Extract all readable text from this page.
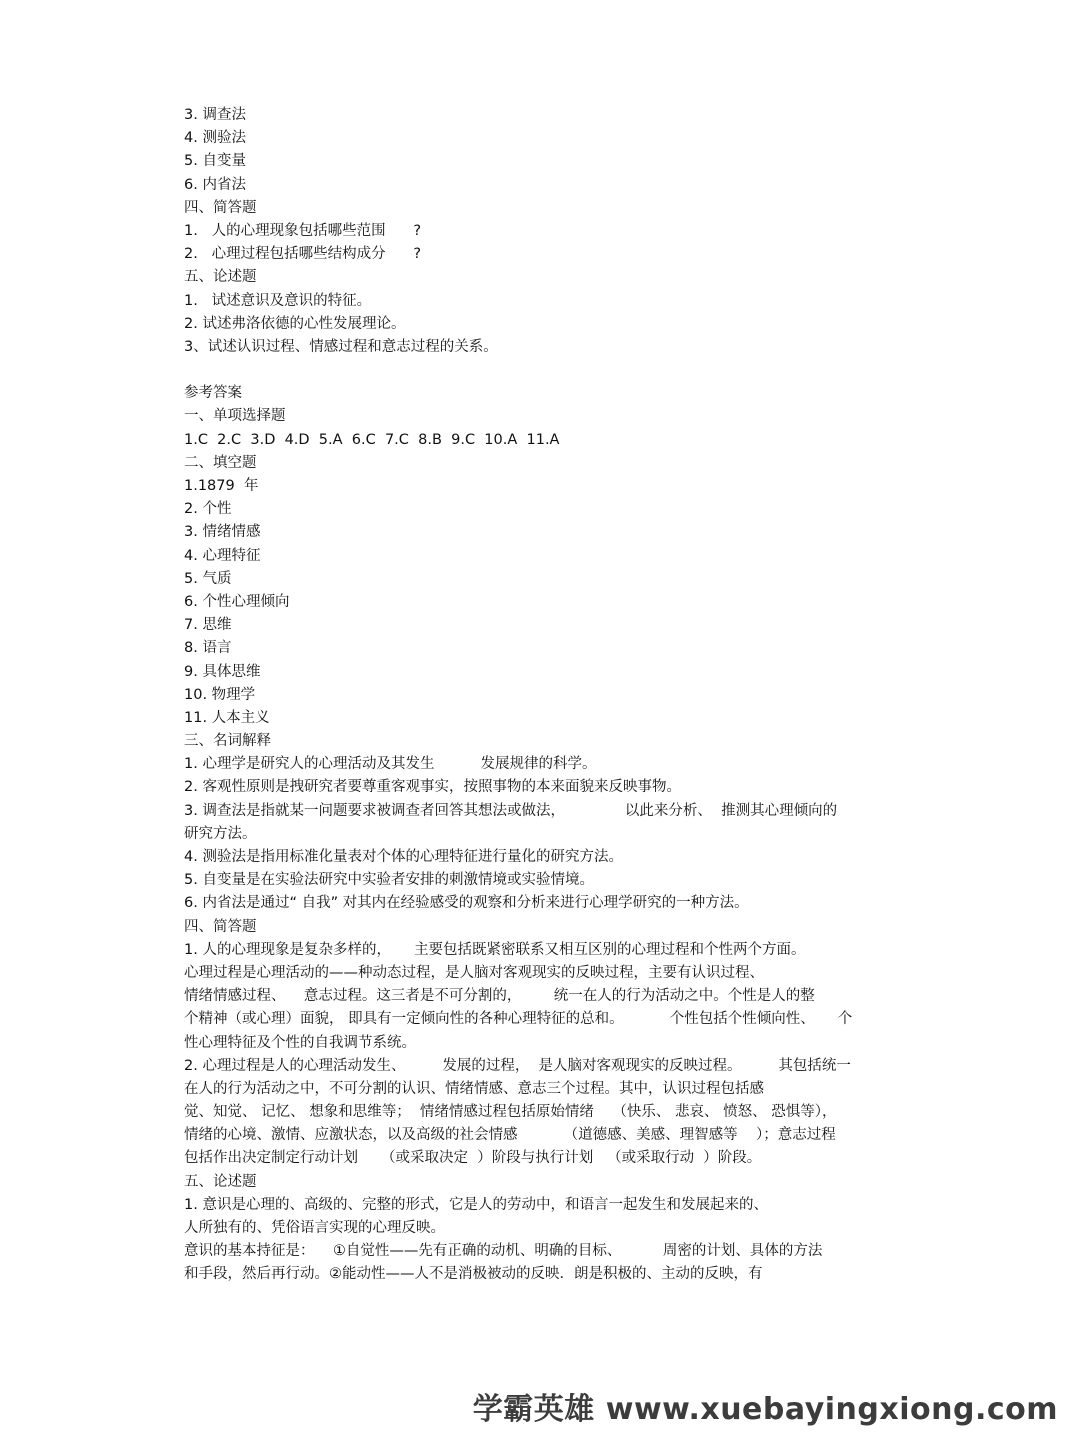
3. 调查法
4. 测验法
5. 自变量
6. 内省法
四、简答题
1.   人的心理现象包括哪些范围      ?
2.   心理过程包括哪些结构成分      ?
五、论述题
1.   试述意识及意识的特征。
2. 试述弗洛依德的心性发展理论。
3、试述认识过程、情感过程和意志过程的关系。
参考答案
一、单项选择题
1.C  2.C  3.D  4.D  5.A  6.C  7.C  8.B  9.C  10.A  11.A
二、填空题
1.1879  年
2. 个性
3. 情绪情感
4. 心理特征
5. 气质
6. 个性心理倾向
7. 思维
8. 语言
9. 具体思维
10. 物理学
11. 人本主义
三、名词解释
1. 心理学是研究人的心理活动及其发生          发展规律的科学。
2. 客观性原则是拽研究者要尊重客观事实，按照事物的本来面貌来反映事物。
3. 调查法是指就某一问题要求被调查者回答其想法或做法，             以此来分析、  推测其心理倾向的
研究方法。
4. 测验法是指用标准化量表对个体的心理特征进行量化的研究方法。
5. 自变量是在实验法研究中实验者安排的刺激情境或实验情境。
6. 内省法是通过“ 自我” 对其内在经验感受的观察和分析来进行心理学研究的一种方法。
四、简答题
1. 人的心理现象是复杂多样的，     主要包括既紧密联系又相互区别的心理过程和个性两个方面。
心理过程是心理活动的——种动态过程，是人脑对客观现实的反映过程，主要有认识过程、
情绪情感过程、    意志过程。这三者是不可分割的，       统一在人的行为活动之中。个性是人的整
个精神（或心理）面貌， 即具有一定倾向性的各种心理特征的总和。          个性包括个性倾向性、     个
性心理特征及个性的自我调节系统。
2. 心理过程是人的心理活动发生、        发展的过程，  是人脑对客观现实的反映过程。        其包括统一
在人的行为活动之中，不可分割的认识、情绪情感、意志三个过程。其中，认识过程包括感
觉、知觉、 记忆、 想象和思维等；  情绪情感过程包括原始情绪    （快乐、 悲哀、 愤怒、 恐惧等），
情绪的心境、激情、应激状态，以及高级的社会情感          （道德感、美感、理智感等    ）；意志过程
包括作出决定制定行动计划     （或采取决定  ）阶段与执行计划   （或采取行动  ）阶段。
五、论述题
1. 意识是心理的、高级的、完整的形式，它是人的劳动中，和语言一起发生和发展起来的、
人所独有的、凭俗语言实现的心理反映。
意识的基本持征是：    ①自觉性——先有正确的动机、明确的目标、         周密的计划、具体的方法
和手段，然后再行动。②能动性——人不是消极被动的反映．朗是积极的、主动的反映，有
学霸英雄 www.xuebayingxiong.com
